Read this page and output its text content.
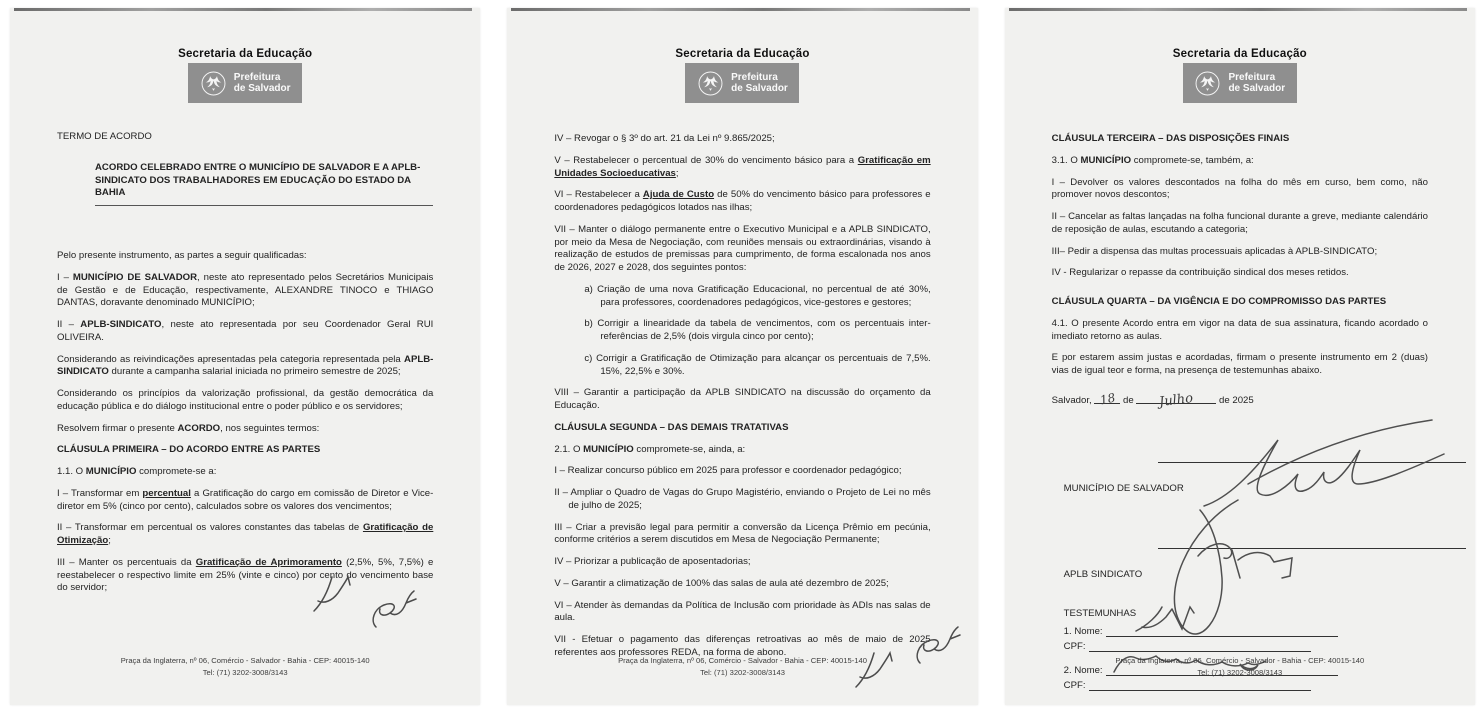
Secretaria da Educação
Prefeitura
de Salvador

TERMO DE ACORDO

ACORDO CELEBRADO ENTRE O MUNICÍPIO DE SALVADOR E A APLB-SINDICATO DOS TRABALHADORES EM EDUCAÇÃO DO ESTADO DA BAHIA

Pelo presente instrumento, as partes a seguir qualificadas:

I – MUNICÍPIO DE SALVADOR, neste ato representado pelos Secretários Municipais de Gestão e de Educação, respectivamente, ALEXANDRE TINOCO e THIAGO DANTAS, doravante denominado MUNICÍPIO;

II – APLB-SINDICATO, neste ato representada por seu Coordenador Geral RUI OLIVEIRA.

Considerando as reivindicações apresentadas pela categoria representada pela APLB-SINDICATO durante a campanha salarial iniciada no primeiro semestre de 2025;

Considerando os princípios da valorização profissional, da gestão democrática da educação pública e do diálogo institucional entre o poder público e os servidores;

Resolvem firmar o presente ACORDO, nos seguintes termos:

CLÁUSULA PRIMEIRA – DO ACORDO ENTRE AS PARTES

1.1. O MUNICÍPIO compromete-se a:

I – Transformar em percentual a Gratificação do cargo em comissão de Diretor e Vice-diretor em 5% (cinco por cento), calculados sobre os valores dos vencimentos;

II – Transformar em percentual os valores constantes das tabelas de Gratificação de Otimização;

III – Manter os percentuais da Gratificação de Aprimoramento (2,5%, 5%, 7,5%) e reestabelecer o respectivo limite em 25% (vinte e cinco) por cento do vencimento base do servidor;

Praça da Inglaterra, nº 06, Comércio - Salvador - Bahia - CEP: 40015-140
Tel: (71) 3202-3008/3143
Secretaria da Educação
Prefeitura
de Salvador

IV – Revogar o § 3º do art. 21 da Lei nº 9.865/2025;

V – Restabelecer o percentual de 30% do vencimento básico para a Gratificação em Unidades Socioeducativas;

VI – Restabelecer a Ajuda de Custo de 50% do vencimento básico para professores e coordenadores pedagógicos lotados nas ilhas;

VII – Manter o diálogo permanente entre o Executivo Municipal e a APLB SINDICATO, por meio da Mesa de Negociação, com reuniões mensais ou extraordinárias, visando à realização de estudos de premissas para cumprimento, de forma escalonada nos anos de 2026, 2027 e 2028, dos seguintes pontos:

a) Criação de uma nova Gratificação Educacional, no percentual de até 30%, para professores, coordenadores pedagógicos, vice-gestores e gestores;

b) Corrigir a linearidade da tabela de vencimentos, com os percentuais inter-referências de 2,5% (dois virgula cinco por cento);

c) Corrigir a Gratificação de Otimização para alcançar os percentuais de 7,5%. 15%, 22,5% e 30%.

VIII – Garantir a participação da APLB SINDICATO na discussão do orçamento da Educação.

CLÁUSULA SEGUNDA – DAS DEMAIS TRATATIVAS

2.1. O MUNICÍPIO compromete-se, ainda, a:

I – Realizar concurso público em 2025 para professor e coordenador pedagógico;

II – Ampliar o Quadro de Vagas do Grupo Magistério, enviando o Projeto de Lei no mês de julho de 2025;

III – Criar a previsão legal para permitir a conversão da Licença Prêmio em pecúnia, conforme critérios a serem discutidos em Mesa de Negociação Permanente;

IV – Priorizar a publicação de aposentadorias;

V – Garantir a climatização de 100% das salas de aula até dezembro de 2025;

VI – Atender às demandas da Política de Inclusão com prioridade às ADIs nas salas de aula.

VII - Efetuar o pagamento das diferenças retroativas ao mês de maio de 2025 referentes aos professores REDA, na forma de abono.

Praça da Inglaterra, nº 06, Comércio - Salvador - Bahia - CEP: 40015-140
Tel: (71) 3202-3008/3143
Secretaria da Educação
Prefeitura
de Salvador

CLÁUSULA TERCEIRA – DAS DISPOSIÇÕES FINAIS

3.1. O MUNICÍPIO compromete-se, também, a:

I – Devolver os valores descontados na folha do mês em curso, bem como, não promover novos descontos;

II – Cancelar as faltas lançadas na folha funcional durante a greve, mediante calendário de reposição de aulas, escutando a categoria;

III– Pedir a dispensa das multas processuais aplicadas à APLB-SINDICATO;

IV - Regularizar o repasse da contribuição sindical dos meses retidos.

CLÁUSULA QUARTA – DA VIGÊNCIA E DO COMPROMISSO DAS PARTES

4.1. O presente Acordo entra em vigor na data de sua assinatura, ficando acordado o imediato retorno as aulas.

E por estarem assim justas e acordadas, firmam o presente instrumento em 2 (duas) vias de igual teor e forma, na presença de testemunhas abaixo.

Salvador, 18 de Julho	de 2025

MUNICÍPIO DE SALVADOR

APLB SINDICATO

TESTEMUNHAS

1. Nome:
CPF:
2. Nome:
CPF:
Praça da Inglaterra, nº 06, Comércio - Salvador - Bahia - CEP: 40015-140
Tel: (71) 3202-3008/3143
